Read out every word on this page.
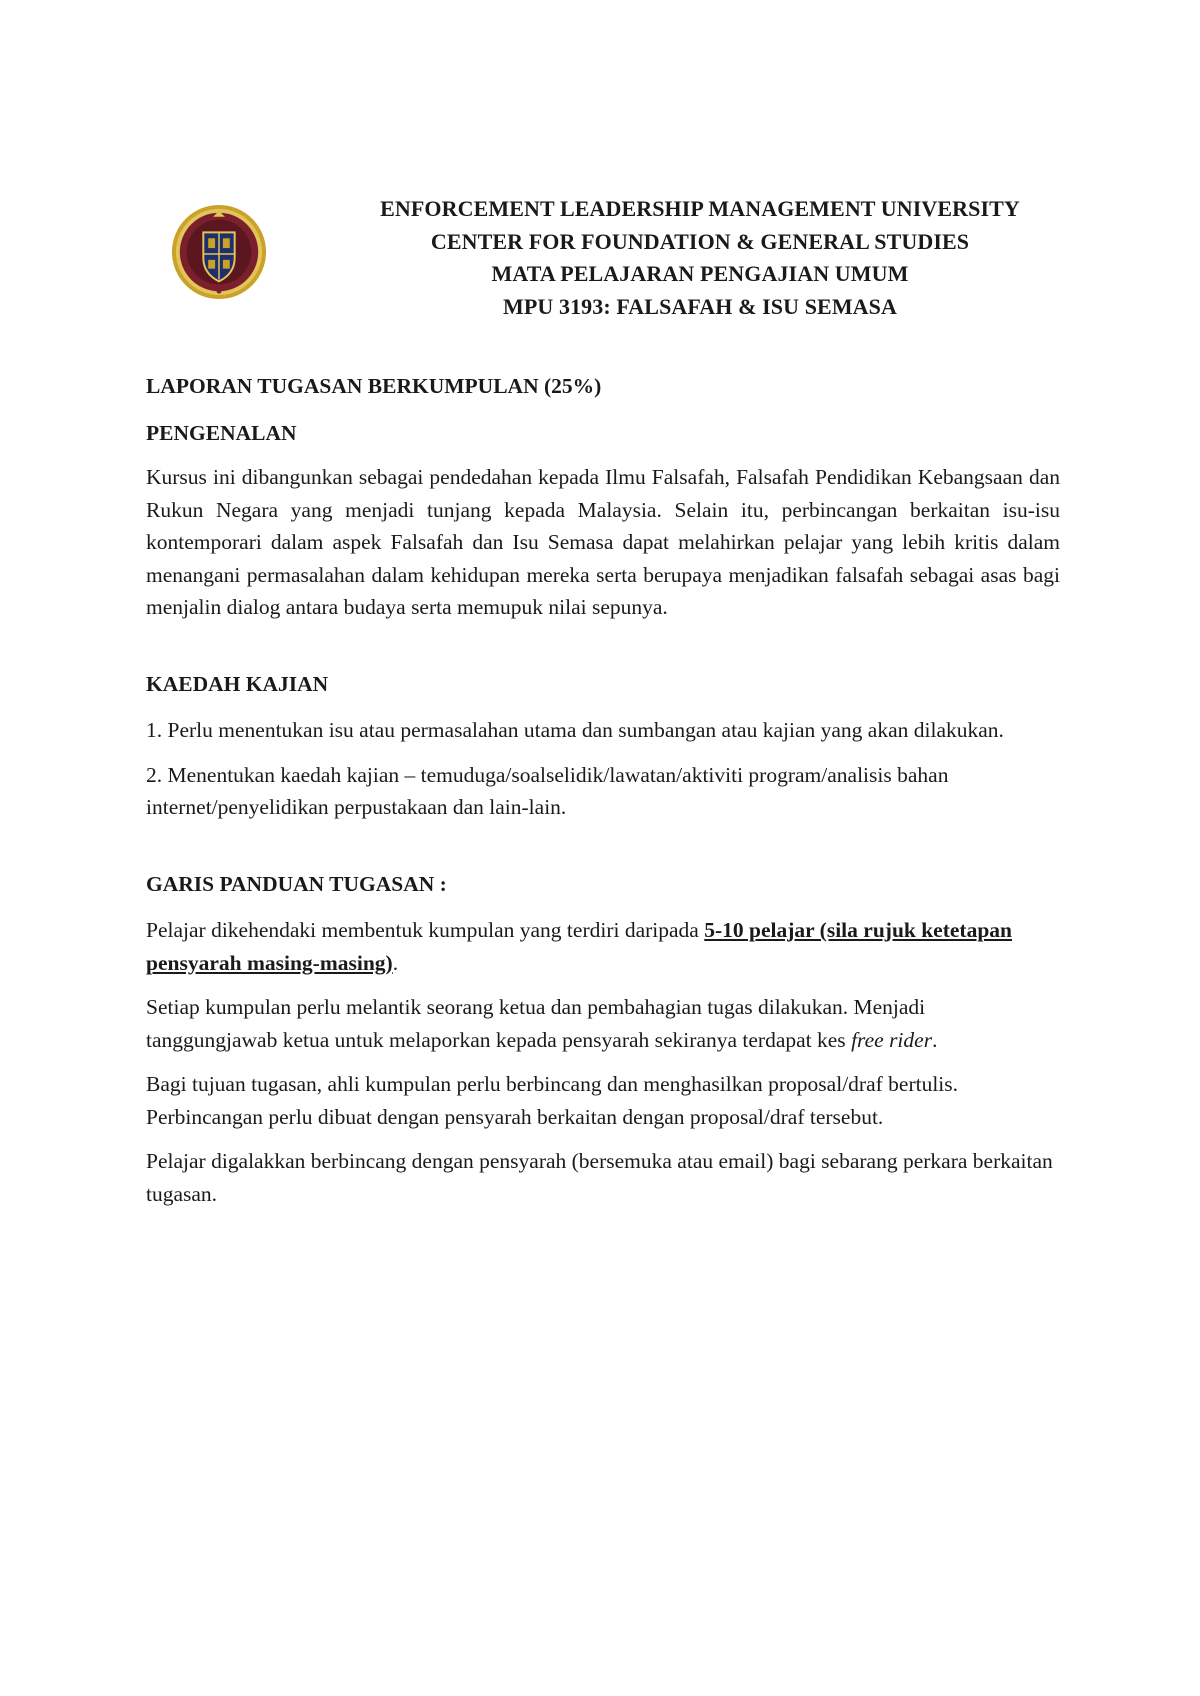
ENFORCEMENT LEADERSHIP MANAGEMENT UNIVERSITY
CENTER FOR FOUNDATION & GENERAL STUDIES
MATA PELAJARAN PENGAJIAN UMUM
MPU 3193: FALSAFAH & ISU SEMASA

LAPORAN TUGASAN BERKUMPULAN (25%)

PENGENALAN

Kursus ini dibangunkan sebagai pendedahan kepada Ilmu Falsafah, Falsafah Pendidikan Kebangsaan dan Rukun Negara yang menjadi tunjang kepada Malaysia. Selain itu, perbincangan berkaitan isu-isu kontemporari dalam aspek Falsafah dan Isu Semasa dapat melahirkan pelajar yang lebih kritis dalam menangani permasalahan dalam kehidupan mereka serta berupaya menjadikan falsafah sebagai asas bagi menjalin dialog antara budaya serta memupuk nilai sepunya.

KAEDAH KAJIAN

1. Perlu menentukan isu atau permasalahan utama dan sumbangan atau kajian yang akan dilakukan.

2. Menentukan kaedah kajian – temuduga/soalselidik/lawatan/aktiviti program/analisis bahan internet/penyelidikan perpustakaan dan lain-lain.

GARIS PANDUAN TUGASAN :

Pelajar dikehendaki membentuk kumpulan yang terdiri daripada 5-10 pelajar (sila rujuk ketetapan pensyarah masing-masing).

Setiap kumpulan perlu melantik seorang ketua dan pembahagian tugas dilakukan. Menjadi tanggungjawab ketua untuk melaporkan kepada pensyarah sekiranya terdapat kes free rider.

Bagi tujuan tugasan, ahli kumpulan perlu berbincang dan menghasilkan proposal/draf bertulis. Perbincangan perlu dibuat dengan pensyarah berkaitan dengan proposal/draf tersebut.

Pelajar digalakkan berbincang dengan pensyarah (bersemuka atau email) bagi sebarang perkara berkaitan tugasan.
